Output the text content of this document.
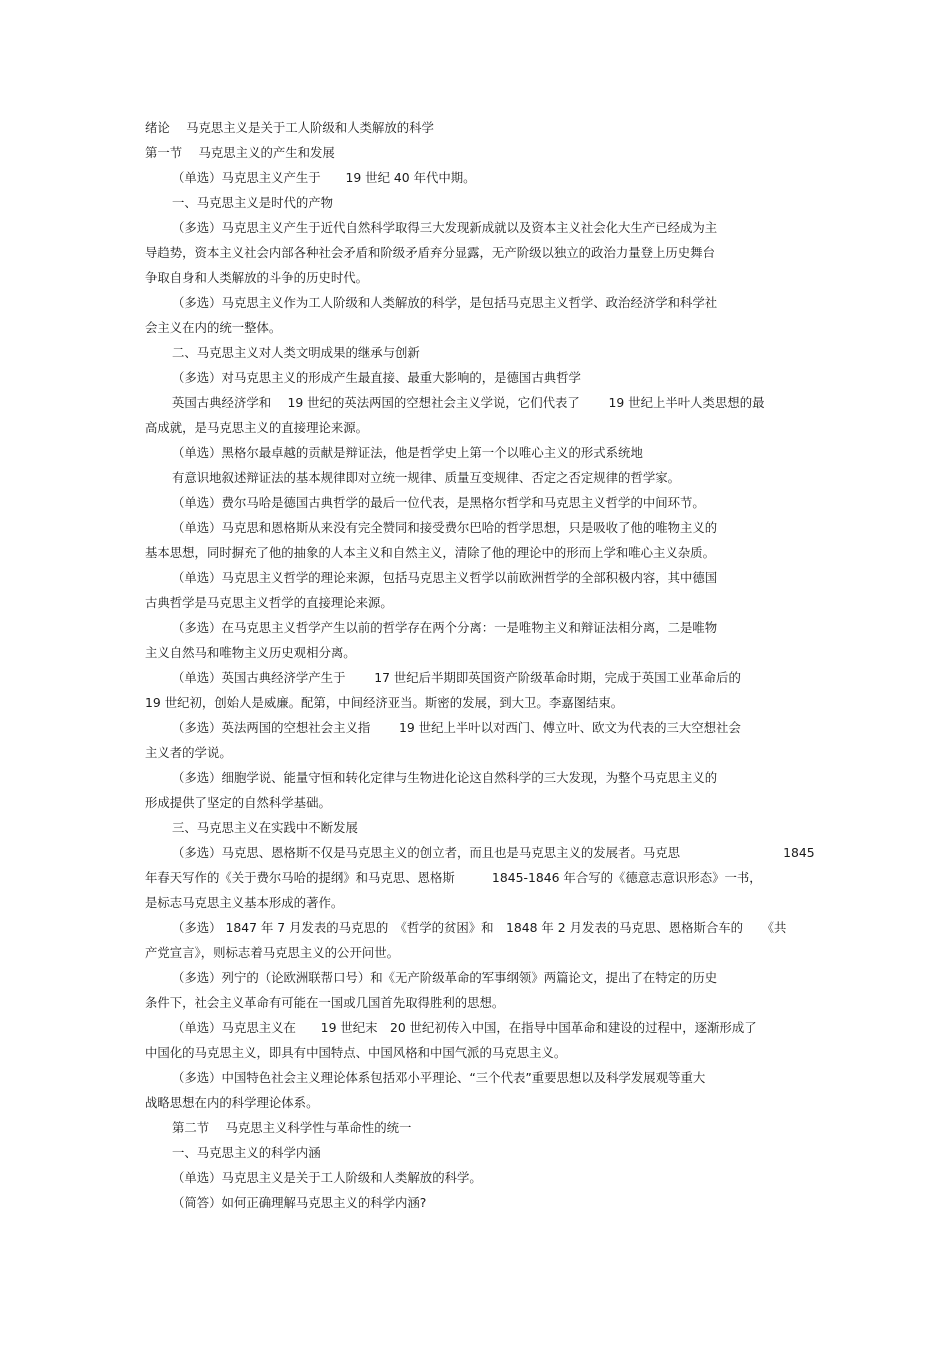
绪论　 马克思主义是关于工人阶级和人类解放的科学
第一节　 马克思主义的产生和发展
（单选）马克思主义产生于　　19 世纪 40 年代中期。
一、马克思主义是时代的产物
（多选）马克思主义产生于近代自然科学取得三大发现新成就以及资本主义社会化大生产已经成为主
导趋势，资本主义社会内部各种社会矛盾和阶级矛盾弃分显露，无产阶级以独立的政治力量登上历史舞台
争取自身和人类解放的斗争的历史时代。
（多选）马克思主义作为工人阶级和人类解放的科学，是包括马克思主义哲学、政治经济学和科学社
会主义在内的统一整体。
二、马克思主义对人类文明成果的继承与创新
（多选）对马克思主义的形成产生最直接、最重大影响的，是德国古典哲学
英国古典经济学和　 19 世纪的英法两国的空想社会主义学说，它们代表了　　 19 世纪上半叶人类思想的最
高成就，是马克思主义的直接理论来源。
（单选）黑格尔最卓越的贡献是辩证法，他是哲学史上第一个以唯心主义的形式系统地
有意识地叙述辩证法的基本规律即对立统一规律、质量互变规律、否定之否定规律的哲学家。
（单选）费尔马哈是德国古典哲学的最后一位代表，是黑格尔哲学和马克思主义哲学的中间环节。
（单选）马克思和恩格斯从来没有完全赞同和接受费尔巴哈的哲学思想，只是吸收了他的唯物主义的
基本思想，同时摒充了他的抽象的人本主义和自然主义，清除了他的理论中的形而上学和唯心主义杂质。
（单选）马克思主义哲学的理论来源，包括马克思主义哲学以前欧洲哲学的全部积极内容，其中德国
古典哲学是马克思主义哲学的直接理论来源。
（多选）在马克思主义哲学产生以前的哲学存在两个分离：一是唯物主义和辩证法相分离，二是唯物
主义自然马和唯物主义历史观相分离。
（单选）英国古典经济学产生于　　 17 世纪后半期即英国资产阶级革命时期，完成于英国工业革命后的
19 世纪初，创始人是威廉。配第，中间经济亚当。斯密的发展，到大卫。李嘉图结束。
（多选）英法两国的空想社会主义指　　 19 世纪上半叶以对西门、傅立叶、欧文为代表的三大空想社会
主义者的学说。
（多选）细胞学说、能量守恒和转化定律与生物进化论这自然科学的三大发现，为整个马克思主义的
形成提供了坚定的自然科学基础。
三、马克思主义在实践中不断发展
（多选）马克思、恩格斯不仅是马克思主义的创立者，而且也是马克思主义的发展者。马克思　　　　　　　　 1845
年春天写作的《关于费尔马哈的提纲》和马克思、恩格斯　　　1845-1846 年合写的《德意志意识形态》一书，
是标志马克思主义基本形成的著作。
（多选） 1847 年 7 月发表的马克思的　《哲学的贫困》和　1848 年 2 月发表的马克思、恩格斯合车的　　《共
产党宣言》，则标志着马克思主义的公开问世。
（多选）列宁的（论欧洲联帮口号）和《无产阶级革命的军事纲领》两篇论文，提出了在特定的历史
条件下，社会主义革命有可能在一国或几国首先取得胜利的思想。
（单选）马克思主义在　　19 世纪末　20 世纪初传入中国，在指导中国革命和建设的过程中，逐渐形成了
中国化的马克思主义，即具有中国特点、中国风格和中国气派的马克思主义。
（多选）中国特色社会主义理论体系包括邓小平理论、“三个代表”重要思想以及科学发展观等重大
战略思想在内的科学理论体系。
第二节　 马克思主义科学性与革命性的统一
一、马克思主义的科学内涵
（单选）马克思主义是关于工人阶级和人类解放的科学。
（简答）如何正确理解马克思主义的科学内涵?
